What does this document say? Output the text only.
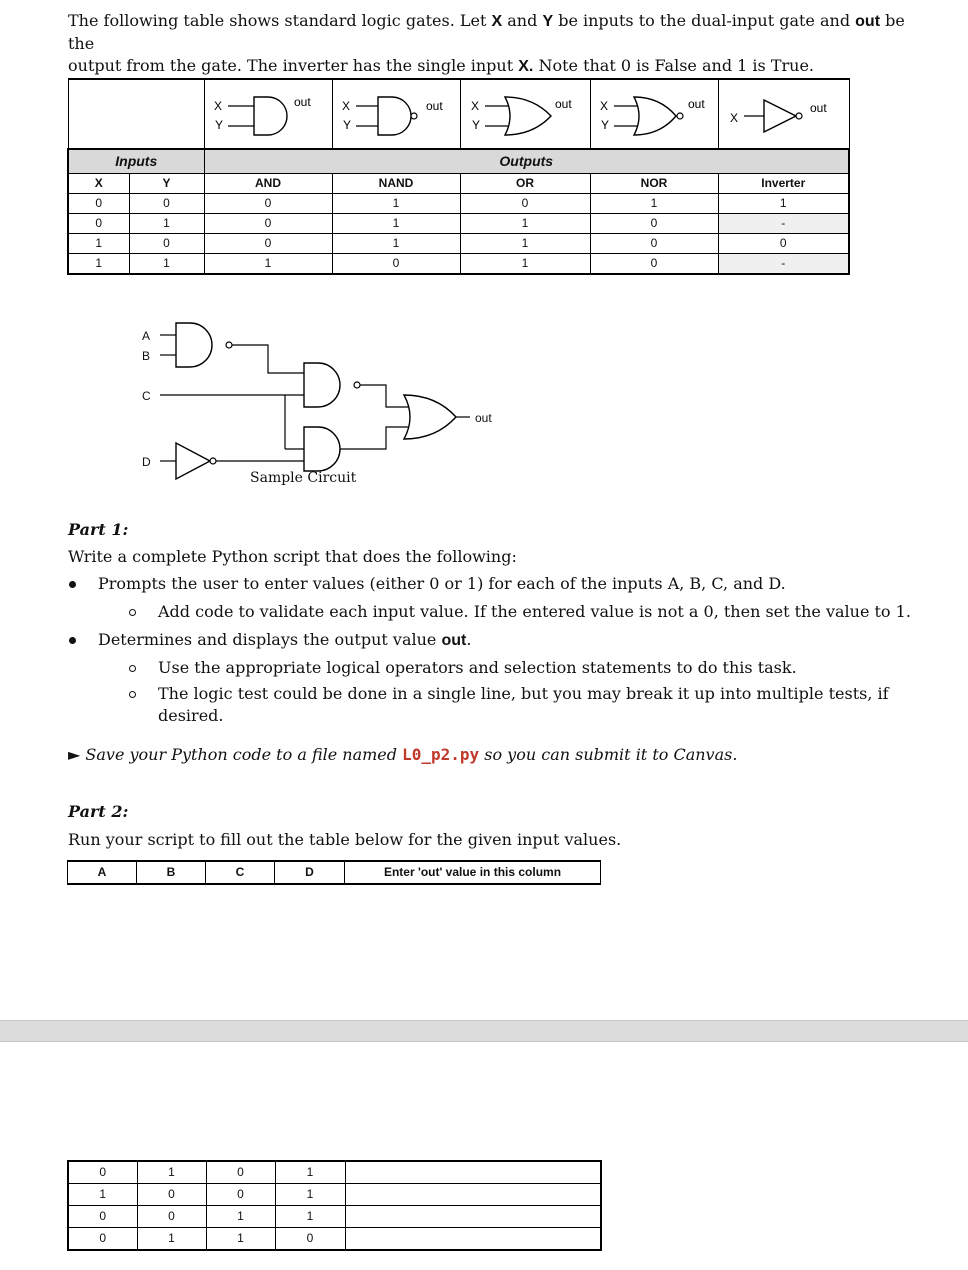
The following table shows standard logic gates. Let X and Y be inputs to the dual-input gate and out be the

output from the gate. The inverter has the single input X. Note that 0 is False and 1 is True.

X
Y
out	X
Y
out	X
Y
out	X
Y
out	X
out

Inputs		Outputs				
X	Y	AND	NAND	OR	NOR	Inverter
0	0	0	1	0	1	1
0	1	0	1	1	0	-
1	0	0	1	1	0	0
1	1	1	0	1	0	-
A
B
C
D
out
Sample Circuit
Part 1:
Write a complete Python script that does the following:
Prompts the user to enter values (either 0 or 1) for each of the inputs A, B, C, and D.
Add code to validate each input value. If the entered value is not a 0, then set the value to 1.
Determines and displays the output value out.
Use the appropriate logical operators and selection statements to do this task.

The logic test could be done in a single line, but you may break it up into multiple tests, if

desired.

► Save your Python code to a file named L0_p2.py so you can submit it to Canvas.
Part 2:
Run your script to fill out the table below for the given input values.
A	B	C	D	Enter 'out' value in this column
0	1	0	1	
1	0	0	1	
0	0	1	1	
0	1	1	0	
